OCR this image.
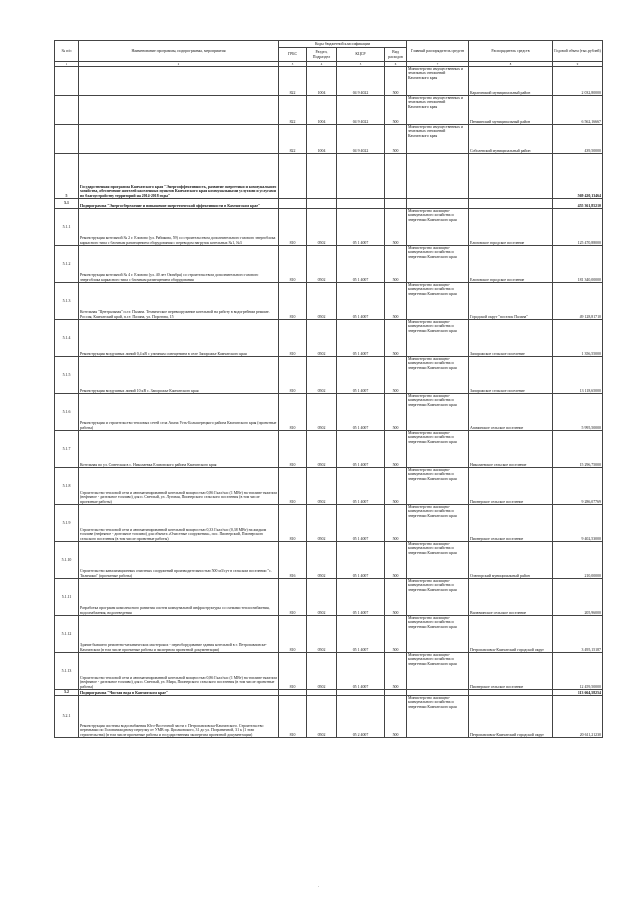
№ п/п	Наименование программы, подпрограммы, мероприятия	Коды бюджетной классификации				Главный распорядитель средств	Распорядитель средств	Годовой объем (тыс.рублей)
		ГРБС	Раздел, Подраздел	КЦСР	Вид расходов			
1	2	3	4	5	6	7	8	9
		822	1004	04 9 4022	500	Министерство имущественных и земельных отношений Камчатского края	Карагинский муниципальный район	2 032,80000
		822	1004	04 9 4022	500	Министерство имущественных и земельных отношений Камчатского края	Пенжинский муниципальный район	6 562,16667
		822	1004	04 9 4022	500	Министерство имущественных и земельных отношений Камчатского края	Соболевский муниципальный район	439,50000
5	Государственная программа Камчатского края "Энергоэффективность, развитие энергетики и коммунального хозяйства, обеспечение жителей населенных пунктов Камчатского края коммунальными услугами и услугами по благоустройству территорий на 2014-2018 годы"							569 420,13464
5.1	Подпрограмма "Энергосбережение и повышение энергетической эффективности в Камчатском крае"							455 361,85210
5.1.1	Реконструкция котельной № 2 г. Елизово (ул. Рябикова, 59) со строительством дополнительного газового энергоблока каркасного типа с блочным размещением оборудования с переводом нагрузок котельных №1, №3	810	0502	05 1 4007	500	Министерство жилищно-коммунального хозяйства и энергетики Камчатского края	Елизовское городское поселение	125 470,88000
5.1.2	Реконструкция котельной № 4 г. Елизово (ул. 40 лет Октября) со строительством дополнительного газового энергоблока каркасного типа с блочным размещением оборудования	810	0502	05 1 4007	500	Министерство жилищно-коммунального хозяйства и энергетики Камчатского края	Елизовское городское поселение	181 340,00000
5.1.3	Котельная "Центральная" п.г.т. Палана. Техническое перевооружение котельной на работу в водогрейном режиме. Россия, Камчатский край, п.г.т. Палана, ул. Поротова, 15	810	0502	05 1 4007	500	Министерство жилищно-коммунального хозяйства и энергетики Камчатского края	Городской округ "поселок Палана"	49 128,81710
5.1.4	Реконструкция воздушных линий 0,4 кВ с уличным освещением в селе Запорожье Камчатского края	810	0502	05 1 4007	500	Министерство жилищно-коммунального хозяйства и энергетики Камчатского края	Запорожское сельское поселение	1 356,55000
5.1.5	Реконструкция воздушных линий 10 кВ с. Запорожье Камчатского края	810	0502	05 1 4007	500	Министерство жилищно-коммунального хозяйства и энергетики Камчатского края	Запорожское сельское поселение	13 118,65000
5.1.6	Реконструкция и строительство тепловых сетей села Апача Усть-Большерецкого района Камчатского края (проектные работы)	810	0502	05 1 4007	500	Министерство жилищно-коммунального хозяйства и энергетики Камчатского края	Апачинское сельское поселение	5 995,50000
5.1.7	Котельная по ул. Советская в с. Николаевка Елизовского района Камчатского края	810	0502	05 1 4007	500	Министерство жилищно-коммунального хозяйства и энергетики Камчатского края	Николаевское сельское поселение	15 296,75000
5.1.8	Строительство тепловой сети и автоматизированной котельной мощностью 0,86 Гкал/час (1 МВт) на топливе тяжелом (нефтяное - дизельное топливо) для п. Светлый, ул. Луговая, Пионерского сельского поселения (в том числе проектные работы)	810	0502	05 1 4007	500	Министерство жилищно-коммунального хозяйства и энергетики Камчатского края	Пионерское сельское поселение	9 286,07769
5.1.9	Строительство тепловой сети и автоматизированной котельной мощностью 0,33 Гкал/час (0,38 МВт) на жидком топливе (нефтяное - дизельное топливо) для объекта «Очистные сооружения», пос. Пионерский, Пионерского сельского поселения (в том числе проектные работы)	810	0502	05 1 4007	500	Министерство жилищно-коммунального хозяйства и энергетики Камчатского края	Пионерское сельское поселение	9 402,53000
5.1.10	Строительство канализационных очистных сооружений производительностью 500 м3/сут в сельском поселении "с. Тиличики" (проектные работы)	816	0502	05 1 4007	500	Министерство жилищно-коммунального хозяйства и энергетики Камчатского края	Олюторский муниципальный район	210,00000
5.1.11	Разработка программ комплексного развития систем коммунальной инфраструктуры со схемами теплоснабжения, водоснабжения, водоотведения	810	0502	05 1 4007	500	Министерство жилищно-коммунального хозяйства и энергетики Камчатского края	Вилючинское сельское поселение	205,96000
5.1.12	Здание бывшего ремонтно-механических мастерских - переоборудование здания котельной в г. Петропавловске-Камчатском (в том числе проектные работы и экспертиза проектной документации)	810	0502	05 1 4007	500	Министерство жилищно-коммунального хозяйства и энергетики Камчатского края	Петропавловск-Камчатский городской округ	3 495,15187
5.1.13	Строительство тепловой сети и автоматизированной котельной мощностью 0,86 Гкал/час (1 МВт) на топливе тяжелом (нефтяное - дизельное топливо) для п. Светлый, ул. Мира, Пионерского сельского поселения (в том числе проектные работы)	810	0502	05 1 4007	500	Министерство жилищно-коммунального хозяйства и энергетики Камчатского края	Пионерское сельское поселение	12 459,50000
5.2	Подпрограмма "Чистая вода в Камчатском крае"							113 664,58254
5.2.1	Реконструкция системы водоснабжения Юго-Восточной части г. Петропавловска-Камчатского. Строительство перемычки по Голованаходному переулку от УМВ пр. Циолковского, 31 до ул. Пограничной, 31 к (1 этап строительства) (в том числе проектные работы и государственная экспертиза проектной документации)	810	0502	05 2 4007	500	Министерство жилищно-коммунального хозяйства и энергетики Камчатского края	Петропавловск-Камчатский городской округ	20 611,21230
.
